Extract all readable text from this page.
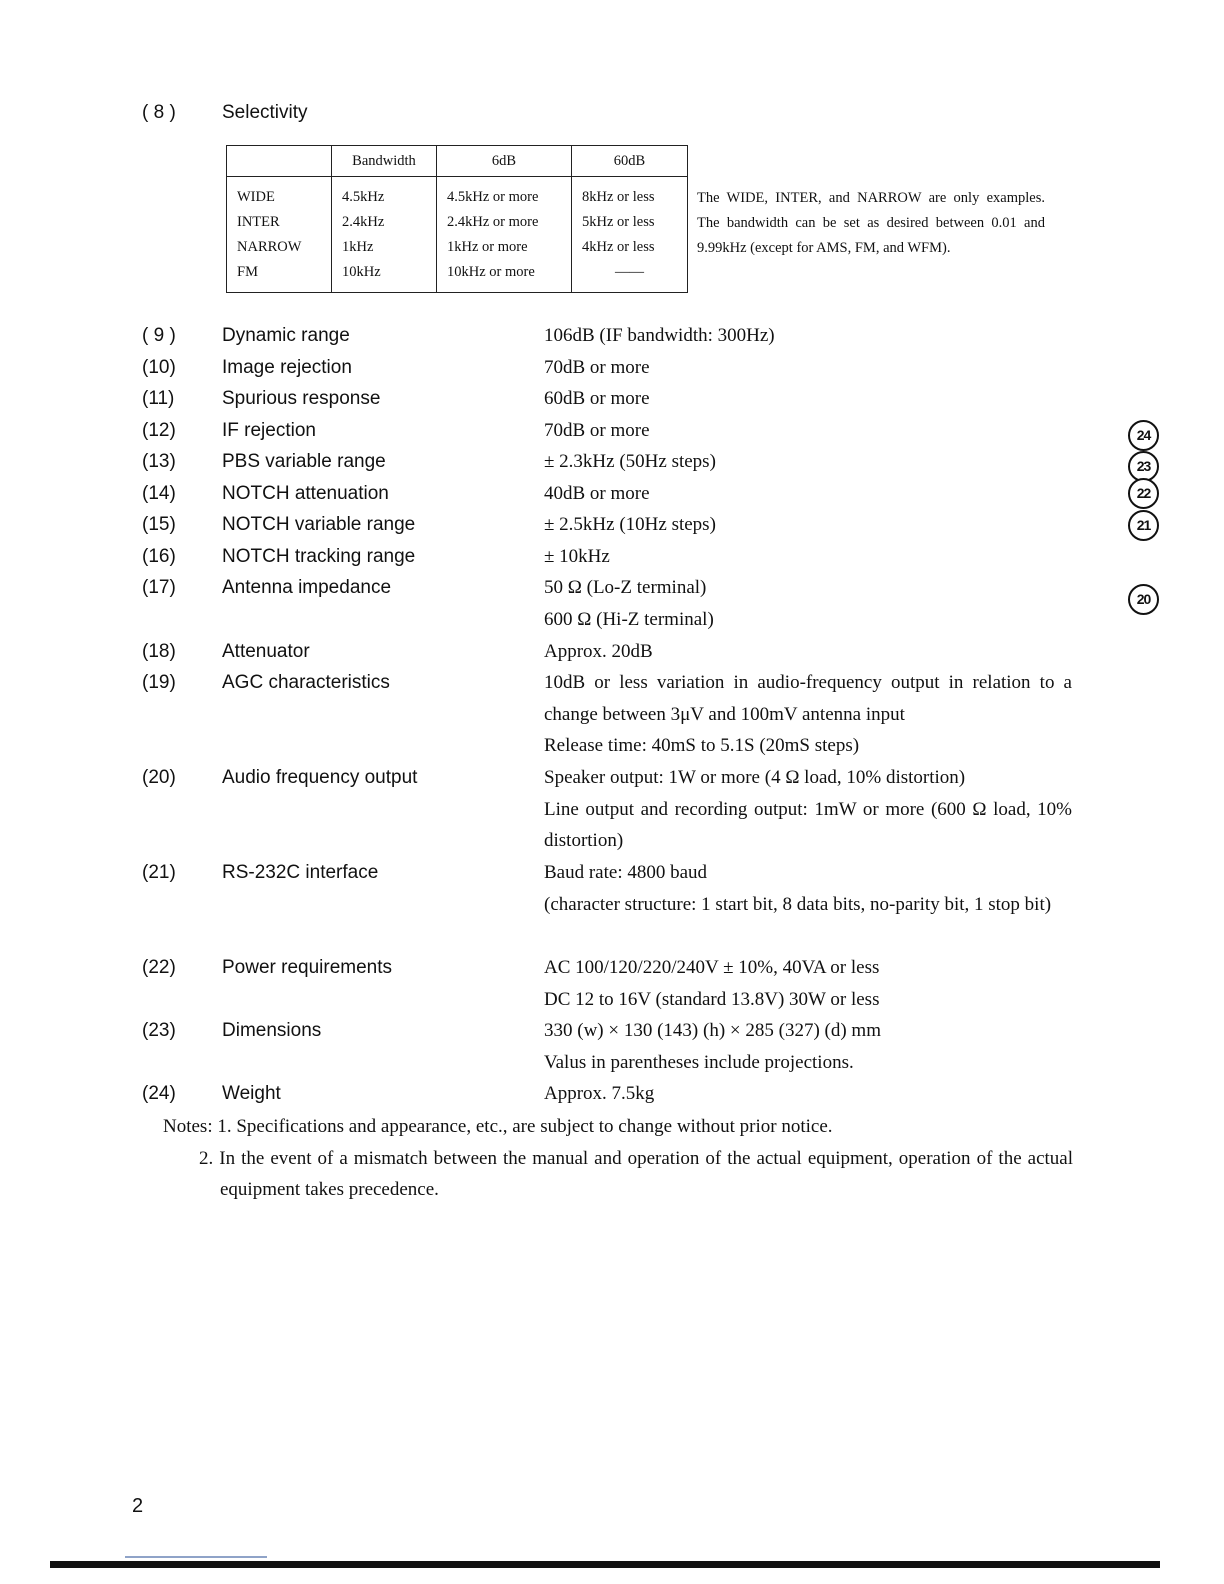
( 8 ) Selectivity
	Bandwidth	6dB	60dB
WIDE	4.5kHz	4.5kHz or more	8kHz or less
INTER	2.4kHz	2.4kHz or more	5kHz or less
NARROW	1kHz	1kHz or more	4kHz or less
FM	10kHz	10kHz or more	——
The WIDE, INTER, and NARROW are only examples. The bandwidth can be set as desired between 0.01 and 9.99kHz (except for AMS, FM, and WFM).
( 9 )	Dynamic range	106dB (IF bandwidth: 300Hz)
(10)	Image rejection	70dB or more
(11)	Spurious response	60dB or more
(12)	IF rejection	70dB or more
(13)	PBS variable range	± 2.3kHz (50Hz steps)
(14)	NOTCH attenuation	40dB or more
(15)	NOTCH variable range	± 2.5kHz (10Hz steps)
(16)	NOTCH tracking range	± 10kHz
(17)	Antenna impedance	50 Ω (Lo-Z terminal)
600 Ω (Hi-Z terminal)
(18)	Attenuator	Approx. 20dB
(19)	AGC characteristics	10dB or less variation in audio-frequency output in relation to a change between 3μV and 100mV antenna input
Release time: 40mS to 5.1S (20mS steps)
(20)	Audio frequency output	Speaker output: 1W or more (4 Ω load, 10% distortion)
Line output and recording output: 1mW or more (600 Ω load, 10% distortion)
(21)	RS-232C interface	Baud rate: 4800 baud
(character structure: 1 start bit, 8 data bits, no-parity bit, 1 stop bit)
(22)	Power requirements	AC 100/120/220/240V ± 10%, 40VA or less
DC 12 to 16V (standard 13.8V) 30W or less
(23)	Dimensions	330 (w) × 130 (143) (h) × 285 (327) (d) mm
Valus in parentheses include projections.
(24)	Weight	Approx. 7.5kg
Notes: 1. Specifications and appearance, etc., are subject to change without prior notice.
2. In the event of a mismatch between the manual and operation of the actual equipment, operation of the actual equipment takes precedence.
24
23
22
21
20
2
